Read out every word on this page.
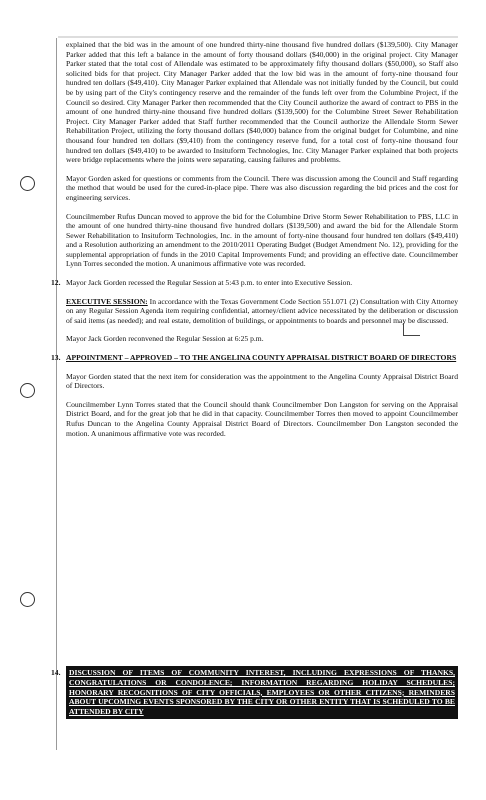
explained that the bid was in the amount of one hundred thirty-nine thousand five hundred dollars ($139,500). City Manager Parker added that this left a balance in the amount of forty thousand dollars ($40,000) in the original project. City Manager Parker stated that the total cost of Allendale was estimated to be approximately fifty thousand dollars ($50,000), so Staff also solicited bids for that project. City Manager Parker added that the low bid was in the amount of forty-nine thousand four hundred ten dollars ($49,410). City Manager Parker explained that Allendale was not initially funded by the Council, but could be by using part of the City's contingency reserve and the remainder of the funds left over from the Columbine Project, if the Council so desired. City Manager Parker then recommended that the City Council authorize the award of contract to PBS in the amount of one hundred thirty-nine thousand five hundred dollars ($139,500) for the Columbine Street Sewer Rehabilitation Project. City Manager Parker added that Staff further recommended that the Council authorize the Allendale Storm Sewer Rehabilitation Project, utilizing the forty thousand dollars ($40,000) balance from the original budget for Columbine, and nine thousand four hundred ten dollars ($9,410) from the contingency reserve fund, for a total cost of forty-nine thousand four hundred ten dollars ($49,410) to be awarded to Insituform Technologies, Inc. City Manager Parker explained that both projects were bridge replacements where the joints were separating, causing failures and problems.

Mayor Gorden asked for questions or comments from the Council. There was discussion among the Council and Staff regarding the method that would be used for the cured-in-place pipe. There was also discussion regarding the bid prices and the cost for engineering services.

Councilmember Rufus Duncan moved to approve the bid for the Columbine Drive Storm Sewer Rehabilitation to PBS, LLC in the amount of one hundred thirty-nine thousand five hundred dollars ($139,500) and award the bid for the Allendale Storm Sewer Rehabilitation to Insituform Technologies, Inc. in the amount of forty-nine thousand four hundred ten dollars ($49,410) and a Resolution authorizing an amendment to the 2010/2011 Operating Budget (Budget Amendment No. 12), providing for the supplemental appropriation of funds in the 2010 Capital Improvements Fund; and providing an effective date. Councilmember Lynn Torres seconded the motion. A unanimous affirmative vote was recorded.

12. Mayor Jack Gorden recessed the Regular Session at 5:43 p.m. to enter into Executive Session.

EXECUTIVE SESSION: In accordance with the Texas Government Code Section 551.071 (2) Consultation with City Attorney on any Regular Session Agenda item requiring confidential, attorney/client advice necessitated by the deliberation or discussion of said items (as needed); and real estate, demolition of buildings, or appointments to boards and personnel may be discussed.

Mayor Jack Gorden reconvened the Regular Session at 6:25 p.m.

13. APPOINTMENT – APPROVED – TO THE ANGELINA COUNTY APPRAISAL DISTRICT BOARD OF DIRECTORS

Mayor Gorden stated that the next item for consideration was the appointment to the Angelina County Appraisal District Board of Directors.

Councilmember Lynn Torres stated that the Council should thank Councilmember Don Langston for serving on the Appraisal District Board, and for the great job that he did in that capacity. Councilmember Torres then moved to appoint Councilmember Rufus Duncan to the Angelina County Appraisal District Board of Directors. Councilmember Don Langston seconded the motion. A unanimous affirmative vote was recorded.

14. DISCUSSION OF ITEMS OF COMMUNITY INTEREST, INCLUDING EXPRESSIONS OF THANKS, CONGRATULATIONS OR CONDOLENCE; INFORMATION REGARDING HOLIDAY SCHEDULES; HONORARY RECOGNITIONS OF CITY OFFICIALS, EMPLOYEES OR OTHER CITIZENS; REMINDERS ABOUT UPCOMING EVENTS SPONSORED BY THE CITY OR OTHER ENTITY THAT IS SCHEDULED TO BE ATTENDED BY CITY
